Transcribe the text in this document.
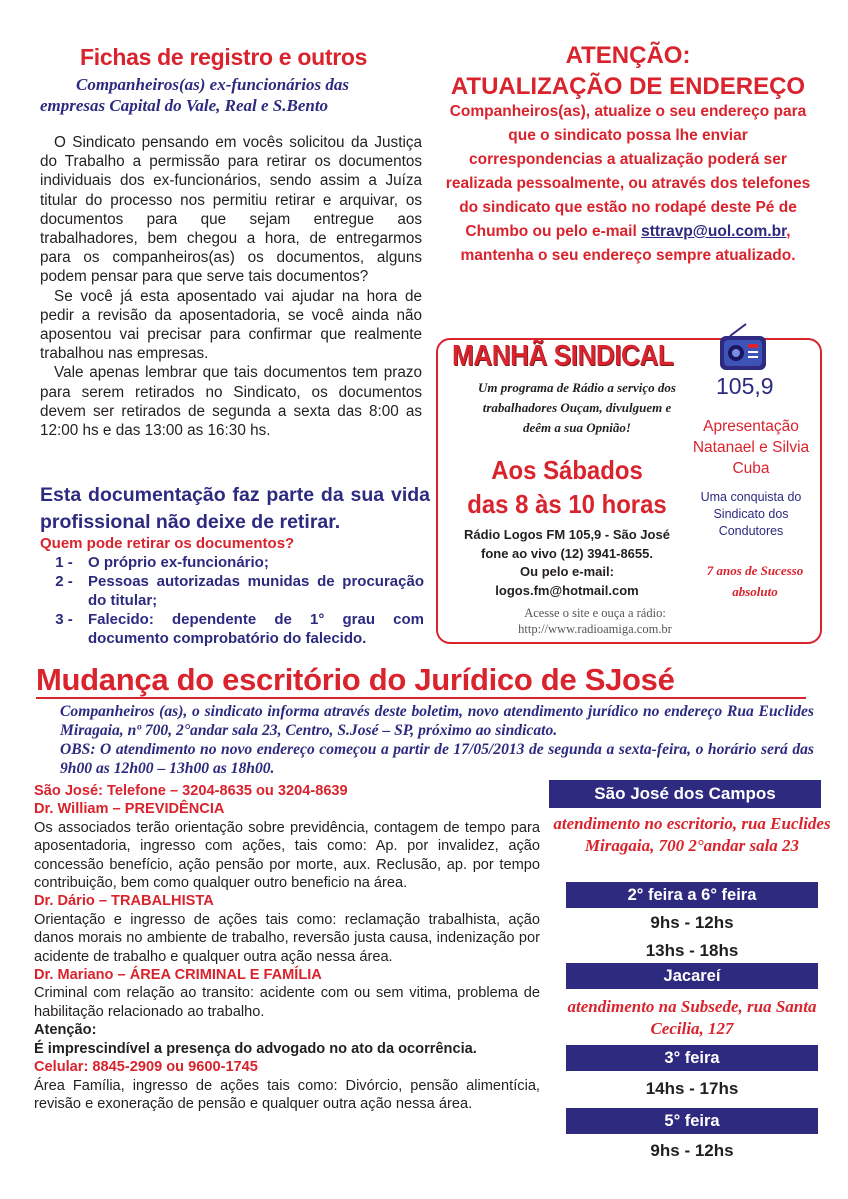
Fichas de registro e outros
Companheiros(as) ex-funcionários das empresas Capital do Vale, Real e S.Bento

O Sindicato pensando em vocês solicitou da Justiça do Trabalho a permissão para retirar os documentos individuais dos ex-funcionários, sendo assim a Juíza titular do processo nos permitiu retirar e arquivar, os documentos para que sejam entregue aos trabalhadores, bem chegou a hora, de entregarmos para os companheiros(as) os documentos, alguns podem pensar para que serve tais documentos?

Se você já esta aposentado vai ajudar na hora de pedir a revisão da aposentadoria, se você ainda não aposentou vai precisar para confirmar que realmente trabalhou nas empresas.

Vale apenas lembrar que tais documentos tem prazo para serem retirados no Sindicato, os documentos devem ser retirados de segunda a sexta das 8:00 as 12:00 hs e das 13:00 as 16:30 hs.

Esta documentação faz parte da sua vida profissional não deixe de retirar.
Quem pode retirar os documentos?
1 -	O próprio ex-funcionário;
2 -	Pessoas autorizadas munidas de procuração do titular;
3 -	Falecido: dependente de 1° grau com documento comprobatório do falecido.
ATENÇÃO:
ATUALIZAÇÃO DE ENDEREÇO
Companheiros(as), atualize o seu endereço para que o sindicato possa lhe enviar correspondencias a atualização poderá ser realizada pessoalmente, ou através dos telefones do sindicato que estão no rodapé deste Pé de Chumbo ou pelo e-mail sttravp@uol.com.br, mantenha o seu endereço sempre atualizado.
MANHÃ SINDICAL
Um programa de Rádio a serviço dos trabalhadores Ouçam, divulguem e deêm a sua Opnião!
105,9
Apresentação Natanael e Silvia Cuba
Uma conquista do Sindicato dos Condutores
Aos Sábados
das 8 às 10 horas
Rádio Logos FM 105,9 - São José
fone ao vivo (12) 3941-8655.
Ou pelo e-mail:
logos.fm@hotmail.com
7 anos de Sucesso absoluto
Acesse o site e ouça a rádio:
http://www.radioamiga.com.br
Mudança do escritório do Jurídico de SJosé
Companheiros (as), o sindicato informa através deste boletim, novo atendimento jurídico no endereço Rua Euclides Miragaia, nº 700, 2°andar sala 23, Centro, S.José – SP, próximo ao sindicato.
OBS: O atendimento no novo endereço começou a partir de 17/05/2013 de segunda a sexta-feira, o horário será das 9h00 as 12h00 – 13h00 as 18h00.
São José: Telefone – 3204-8635 ou 3204-8639
Dr. William – PREVIDÊNCIA
Os associados terão orientação sobre previdência, contagem de tempo para aposentadoria, ingresso com ações, tais como: Ap. por invalidez, ação concessão benefício, ação pensão por morte, aux. Reclusão, ap. por tempo contribuição, bem como qualquer outro beneficio na área.
Dr. Dário – TRABALHISTA
Orientação e ingresso de ações tais como: reclamação trabalhista, ação danos morais no ambiente de trabalho, reversão justa causa, indenização por acidente de trabalho e qualquer outra ação nessa área.
Dr. Mariano – ÁREA CRIMINAL E FAMÍLIA
Criminal com relação ao transito: acidente com ou sem vitima, problema de habilitação relacionado ao trabalho.
Atenção:
É imprescindível a presença do advogado no ato da ocorrência.
Celular: 8845-2909 ou 9600-1745
Área Família, ingresso de ações tais como: Divórcio, pensão alimentícia, revisão e exoneração de pensão e qualquer outra ação nessa área.
São José dos Campos
atendimento no escritorio, rua Euclides Miragaia, 700 2°andar sala 23
2° feira a 6° feira
9hs - 12hs
13hs - 18hs
Jacareí
atendimento na Subsede, rua Santa Cecilia, 127
3° feira
14hs - 17hs
5° feira
9hs - 12hs
